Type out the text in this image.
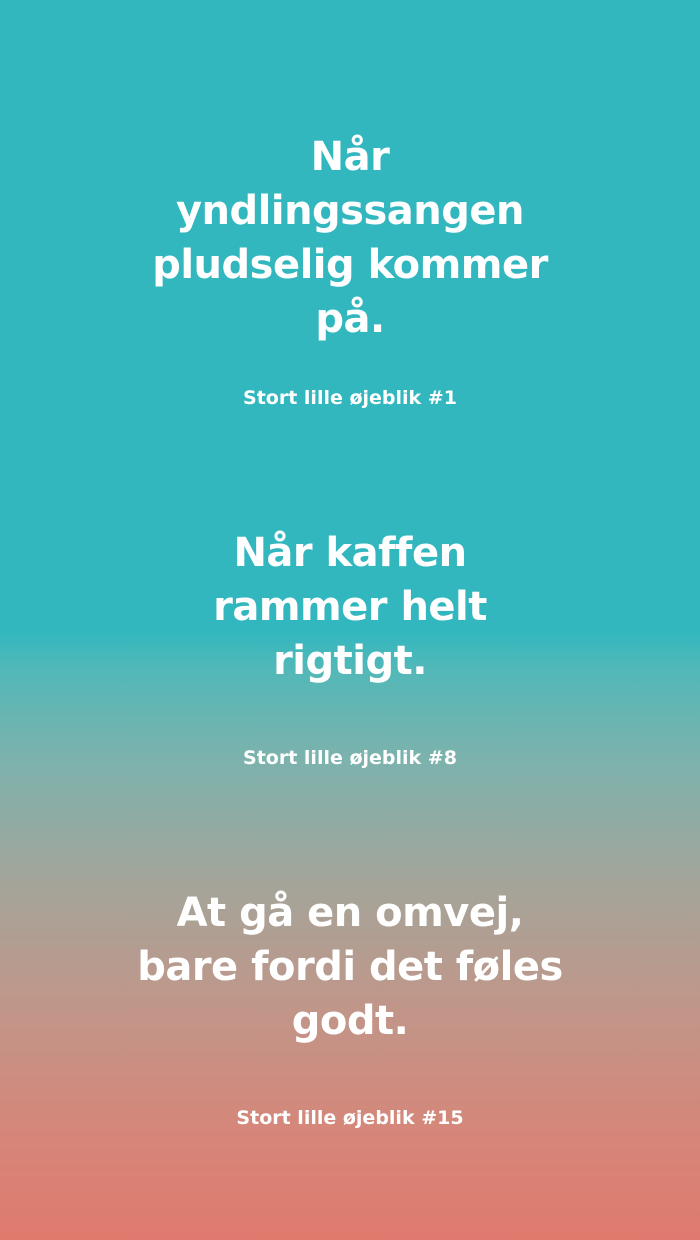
Når yndlingssangen pludselig kommer på.
Stort lille øjeblik #1
Når kaffen rammer helt rigtigt.
Stort lille øjeblik #8
At gå en omvej, bare fordi det føles godt.
Stort lille øjeblik #15
